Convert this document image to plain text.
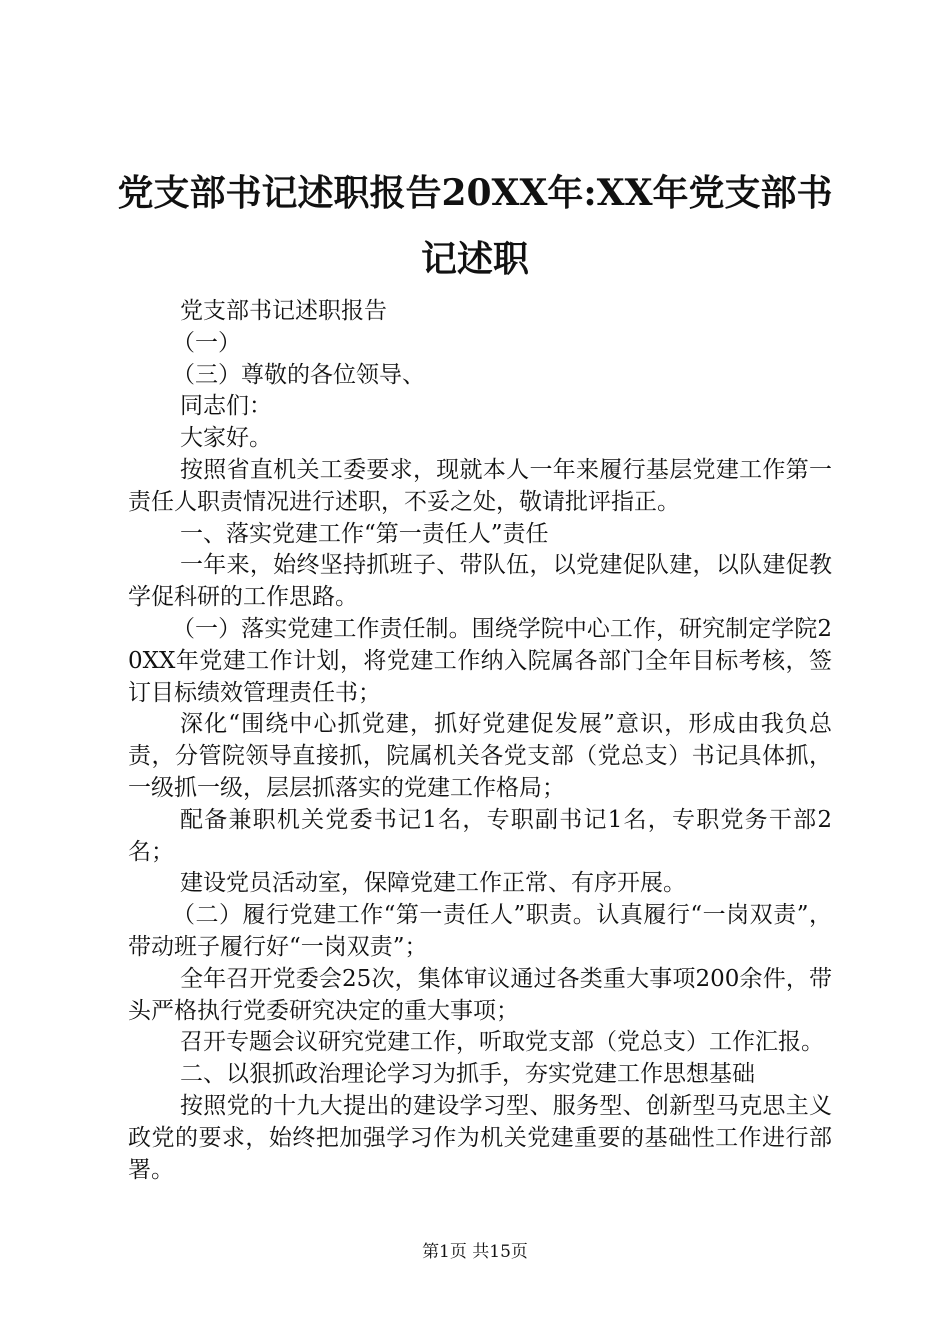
党支部书记述职报告20XX年:XX年党支部书记述职

党支部书记述职报告

（一）

（三）尊敬的各位领导、

同志们：

大家好。

按照省直机关工委要求，现就本人一年来履行基层党建工作第一责任人职责情况进行述职，不妥之处，敬请批评指正。

一、落实党建工作“第一责任人”责任

一年来，始终坚持抓班子、带队伍，以党建促队建，以队建促教学促科研的工作思路。

（一）落实党建工作责任制。围绕学院中心工作，研究制定学院20XX年党建工作计划，将党建工作纳入院属各部门全年目标考核，签订目标绩效管理责任书；

深化“围绕中心抓党建，抓好党建促发展”意识，形成由我负总责，分管院领导直接抓，院属机关各党支部（党总支）书记具体抓，一级抓一级，层层抓落实的党建工作格局；

配备兼职机关党委书记1名，专职副书记1名，专职党务干部2名；

建设党员活动室，保障党建工作正常、有序开展。

（二）履行党建工作“第一责任人”职责。认真履行“一岗双责”，带动班子履行好“一岗双责”；

全年召开党委会25次，集体审议通过各类重大事项200余件，带头严格执行党委研究决定的重大事项；

召开专题会议研究党建工作，听取党支部（党总支）工作汇报。

二、以狠抓政治理论学习为抓手，夯实党建工作思想基础

按照党的十九大提出的建设学习型、服务型、创新型马克思主义政党的要求，始终把加强学习作为机关党建重要的基础性工作进行部署。

第1页 共15页
